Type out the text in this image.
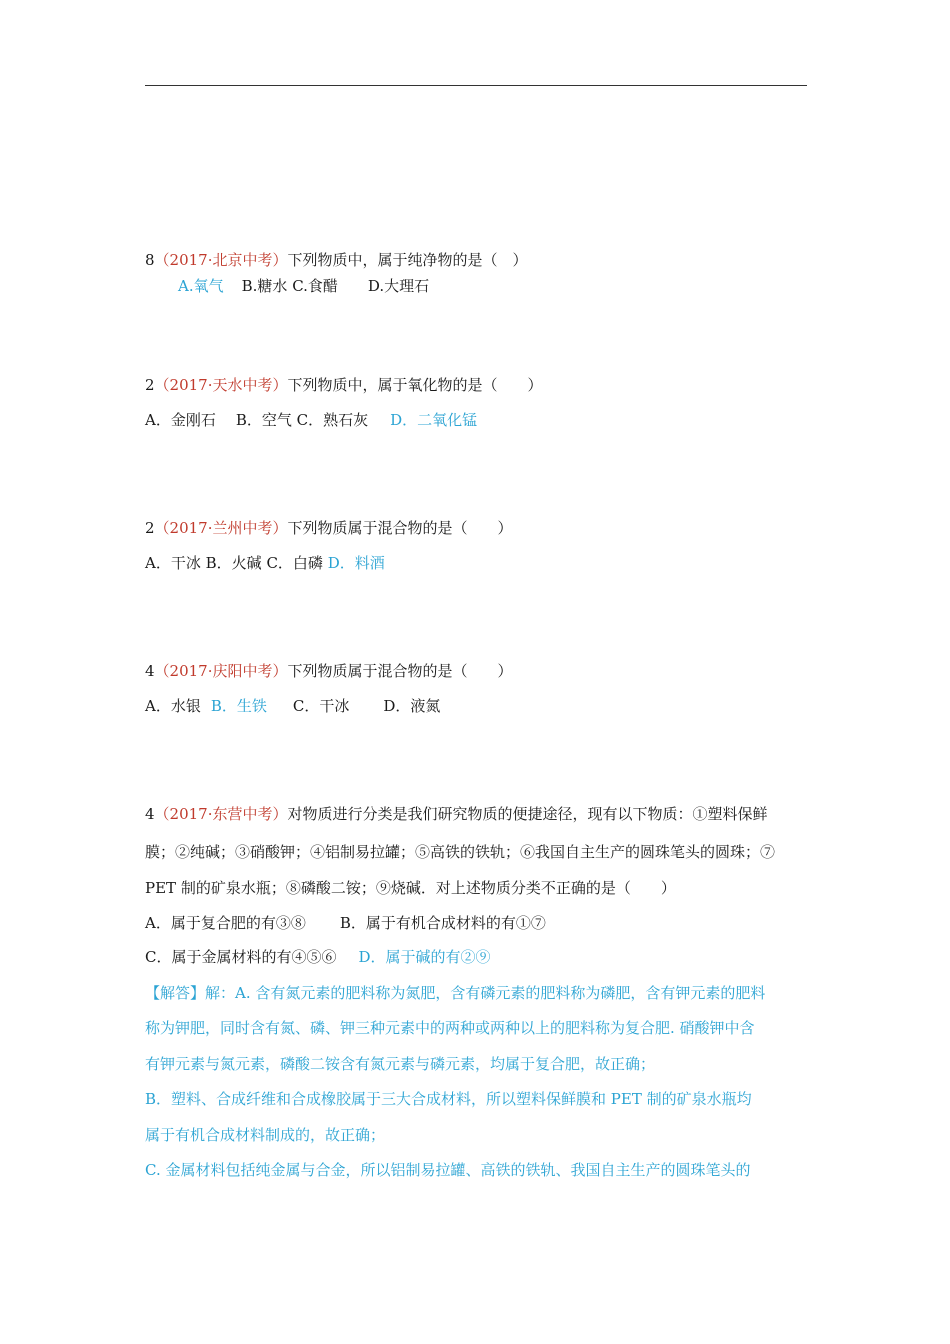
8（2017·北京中考）下列物质中，属于纯净物的是（　）
A.氧气 B.糖水 C.食醋 D.大理石
2（2017·天水中考）下列物质中，属于氧化物的是（　　）
A．金刚石 B．空气 C．熟石灰 D．二氧化锰
2（2017·兰州中考）下列物质属于混合物的是（　　）
A．干冰 B．火碱 C．白磷 D．料酒
4（2017·庆阳中考）下列物质属于混合物的是（　　）
A．水银 B．生铁 C．干冰 D．液氮
4（2017·东营中考）对物质进行分类是我们研究物质的便捷途径，现有以下物质：①塑料保鲜
膜；②纯碱；③硝酸钾；④铝制易拉罐；⑤高铁的铁轨；⑥我国自主生产的圆珠笔头的圆珠；⑦
PET 制的矿泉水瓶；⑧磷酸二铵；⑨烧碱．对上述物质分类不正确的是（　　）
A．属于复合肥的有③⑧ B．属于有机合成材料的有①⑦
C．属于金属材料的有④⑤⑥ D．属于碱的有②⑨
【解答】解：A. 含有氮元素的肥料称为氮肥，含有磷元素的肥料称为磷肥，含有钾元素的肥料
称为钾肥，同时含有氮、磷、钾三种元素中的两种或两种以上的肥料称为复合肥. 硝酸钾中含
有钾元素与氮元素，磷酸二铵含有氮元素与磷元素，均属于复合肥，故正确；
B．塑料、合成纤维和合成橡胶属于三大合成材料，所以塑料保鲜膜和 PET 制的矿泉水瓶均
属于有机合成材料制成的，故正确；
C. 金属材料包括纯金属与合金，所以铝制易拉罐、高铁的铁轨、我国自主生产的圆珠笔头的
